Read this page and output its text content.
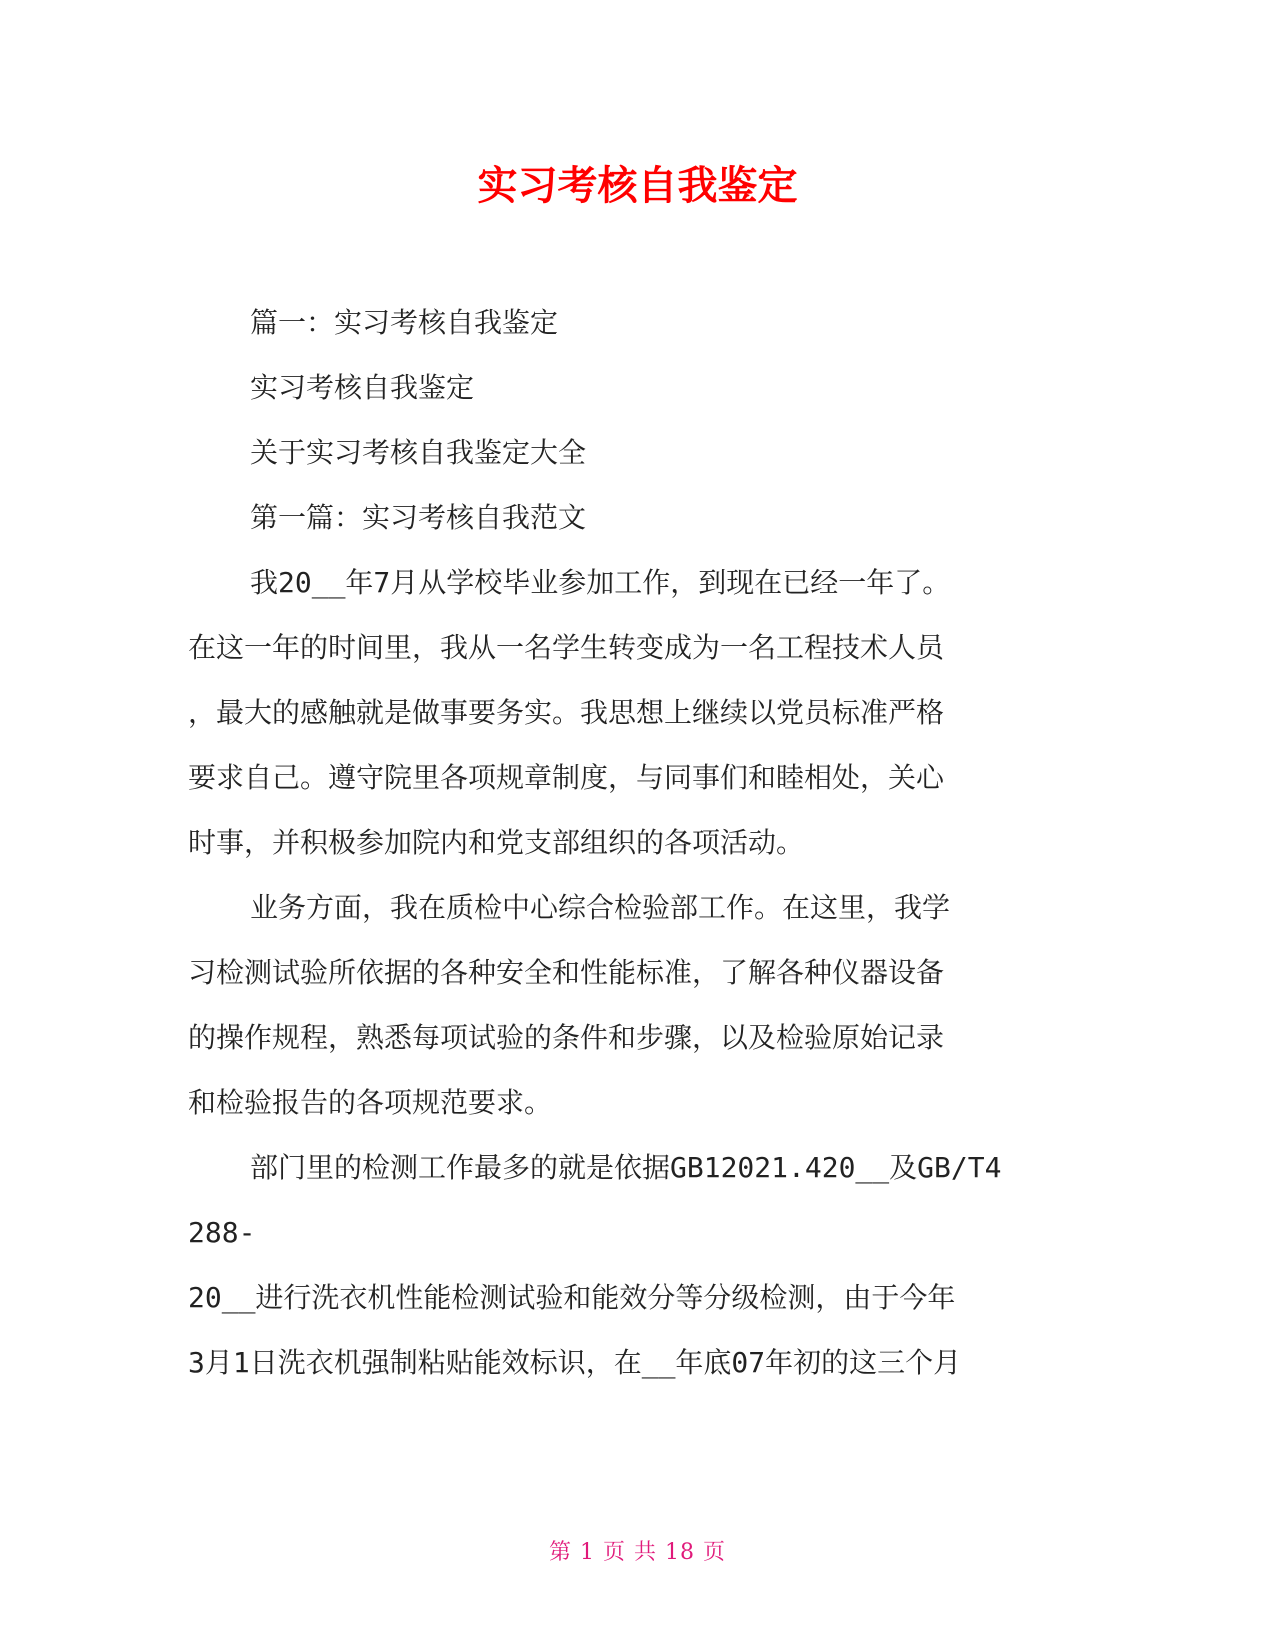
实习考核自我鉴定
篇一：实习考核自我鉴定
实习考核自我鉴定
关于实习考核自我鉴定大全
第一篇：实习考核自我范文
我20__年7月从学校毕业参加工作，到现在已经一年了。
在这一年的时间里，我从一名学生转变成为一名工程技术人员
，最大的感触就是做事要务实。我思想上继续以党员标准严格
要求自己。遵守院里各项规章制度，与同事们和睦相处，关心
时事，并积极参加院内和党支部组织的各项活动。
业务方面，我在质检中心综合检验部工作。在这里，我学
习检测试验所依据的各种安全和性能标准，了解各种仪器设备
的操作规程，熟悉每项试验的条件和步骤，以及检验原始记录
和检验报告的各项规范要求。
部门里的检测工作最多的就是依据GB12021.420__及GB/T4
288-
20__进行洗衣机性能检测试验和能效分等分级检测，由于今年
3月1日洗衣机强制粘贴能效标识，在__年底07年初的这三个月
第 1 页 共 18 页
